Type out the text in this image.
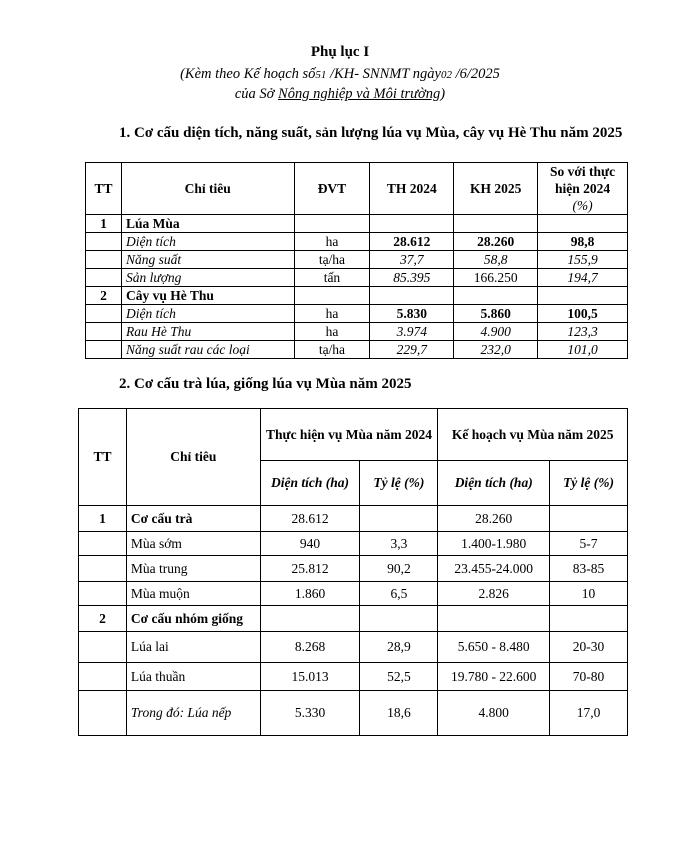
Phụ lục I
(Kèm theo Kế hoạch số51 /KH- SNNMT ngày02 /6/2025
của Sở Nông nghiệp và Môi trường)
1. Cơ cấu diện tích, năng suất, sản lượng lúa vụ Mùa, cây vụ Hè Thu năm 2025
TT	Chỉ tiêu	ĐVT	TH 2024	KH 2025	So với thực hiện 2024
(%)
1	Lúa Mùa				
	Diện tích	ha	28.612	28.260	98,8
	Năng suất	tạ/ha	37,7	58,8	155,9
	Sản lượng	tấn	85.395	166.250	194,7
2	Cây vụ Hè Thu				
	Diện tích	ha	5.830	5.860	100,5
	Rau Hè Thu	ha	3.974	4.900	123,3
	Năng suất rau các loại	tạ/ha	229,7	232,0	101,0
2. Cơ cấu trà lúa, giống lúa vụ Mùa năm 2025
TT	Chỉ tiêu	Thực hiện vụ Mùa năm 2024		Kế hoạch vụ Mùa năm 2025	
		Diện tích (ha)	Tỷ lệ (%)	Diện tích (ha)	Tỷ lệ (%)
1	Cơ cấu trà	28.612		28.260	
	Mùa sớm	940	3,3	1.400-1.980	5-7
	Mùa trung	25.812	90,2	23.455-24.000	83-85
	Mùa muộn	1.860	6,5	2.826	10
2	Cơ cấu nhóm giống				
	Lúa lai	8.268	28,9	5.650 - 8.480	20-30
	Lúa thuần	15.013	52,5	19.780 - 22.600	70-80
	Trong đó: Lúa nếp	5.330	18,6	4.800	17,0
